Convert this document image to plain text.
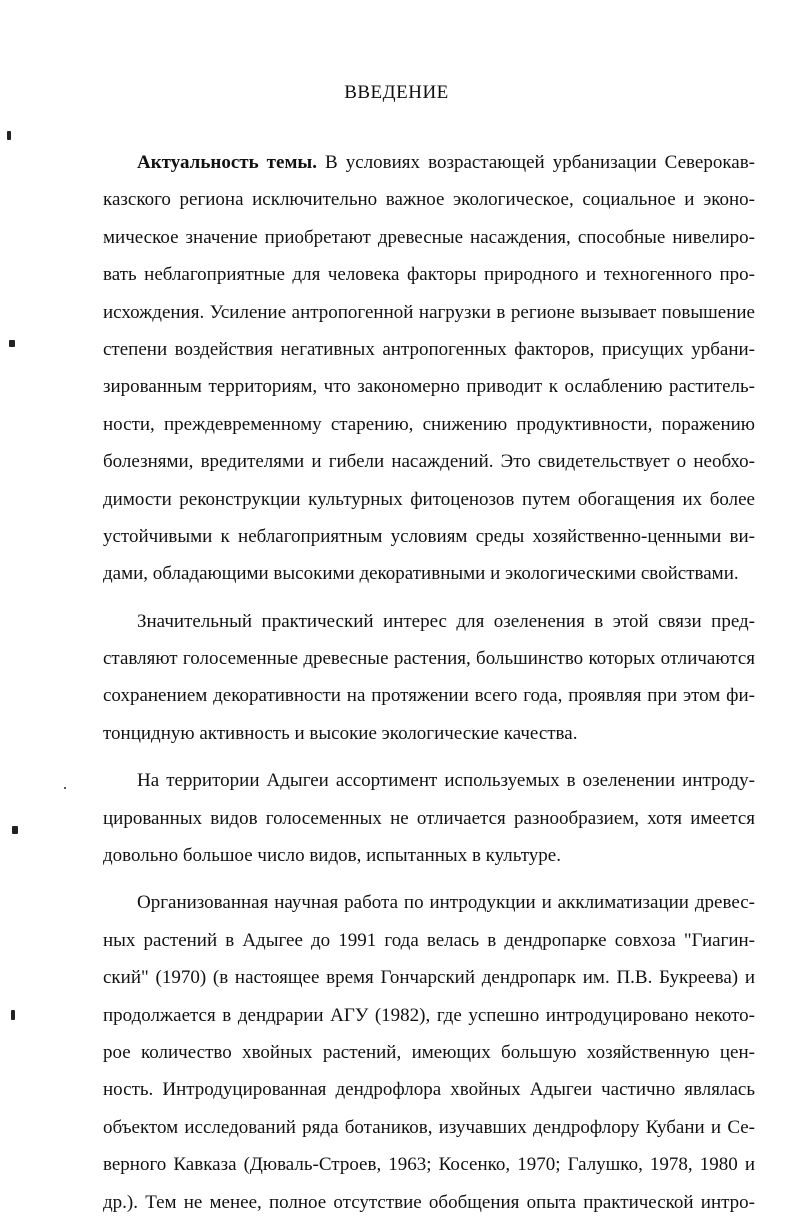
ВВЕДЕНИЕ
Актуальность темы. В условиях возрастающей урбанизации Северокав-
казского региона исключительно важное экологическое, социальное и эконо-
мическое значение приобретают древесные насаждения, способные нивелиро-
вать неблагоприятные для человека факторы природного и техногенного про-
исхождения. Усиление антропогенной нагрузки в регионе вызывает повышение
степени воздействия негативных антропогенных факторов, присущих урбани-
зированным территориям, что закономерно приводит к ослаблению раститель-
ности, преждевременному старению, снижению продуктивности, поражению
болезнями, вредителями и гибели насаждений. Это свидетельствует о необхо-
димости реконструкции культурных фитоценозов путем обогащения их более
устойчивыми к неблагоприятным условиям среды хозяйственно-ценными ви-
дами, обладающими высокими декоративными и экологическими свойствами.
Значительный практический интерес для озеленения в этой связи пред-
ставляют голосеменные древесные растения, большинство которых отличаются
сохранением декоративности на протяжении всего года, проявляя при этом фи-
тонцидную активность и высокие экологические качества.
На территории Адыгеи ассортимент используемых в озеленении интроду-
цированных видов голосеменных не отличается разнообразием, хотя имеется
довольно большое число видов, испытанных в культуре.
Организованная научная работа по интродукции и акклиматизации древес-
ных растений в Адыгее до 1991 года велась в дендропарке совхоза "Гиагин-
ский" (1970) (в настоящее время Гончарский дендропарк им. П.В. Букреева) и
продолжается в дендрарии АГУ (1982), где успешно интродуцировано некото-
рое количество хвойных растений, имеющих большую хозяйственную цен-
ность. Интродуцированная дендрофлора хвойных Адыгеи частично являлась
объектом исследований ряда ботаников, изучавших дендрофлору Кубани и Се-
верного Кавказа (Дюваль-Строев, 1963; Косенко, 1970; Галушко, 1978, 1980 и
др.). Тем не менее, полное отсутствие обобщения опыта практической интро-
